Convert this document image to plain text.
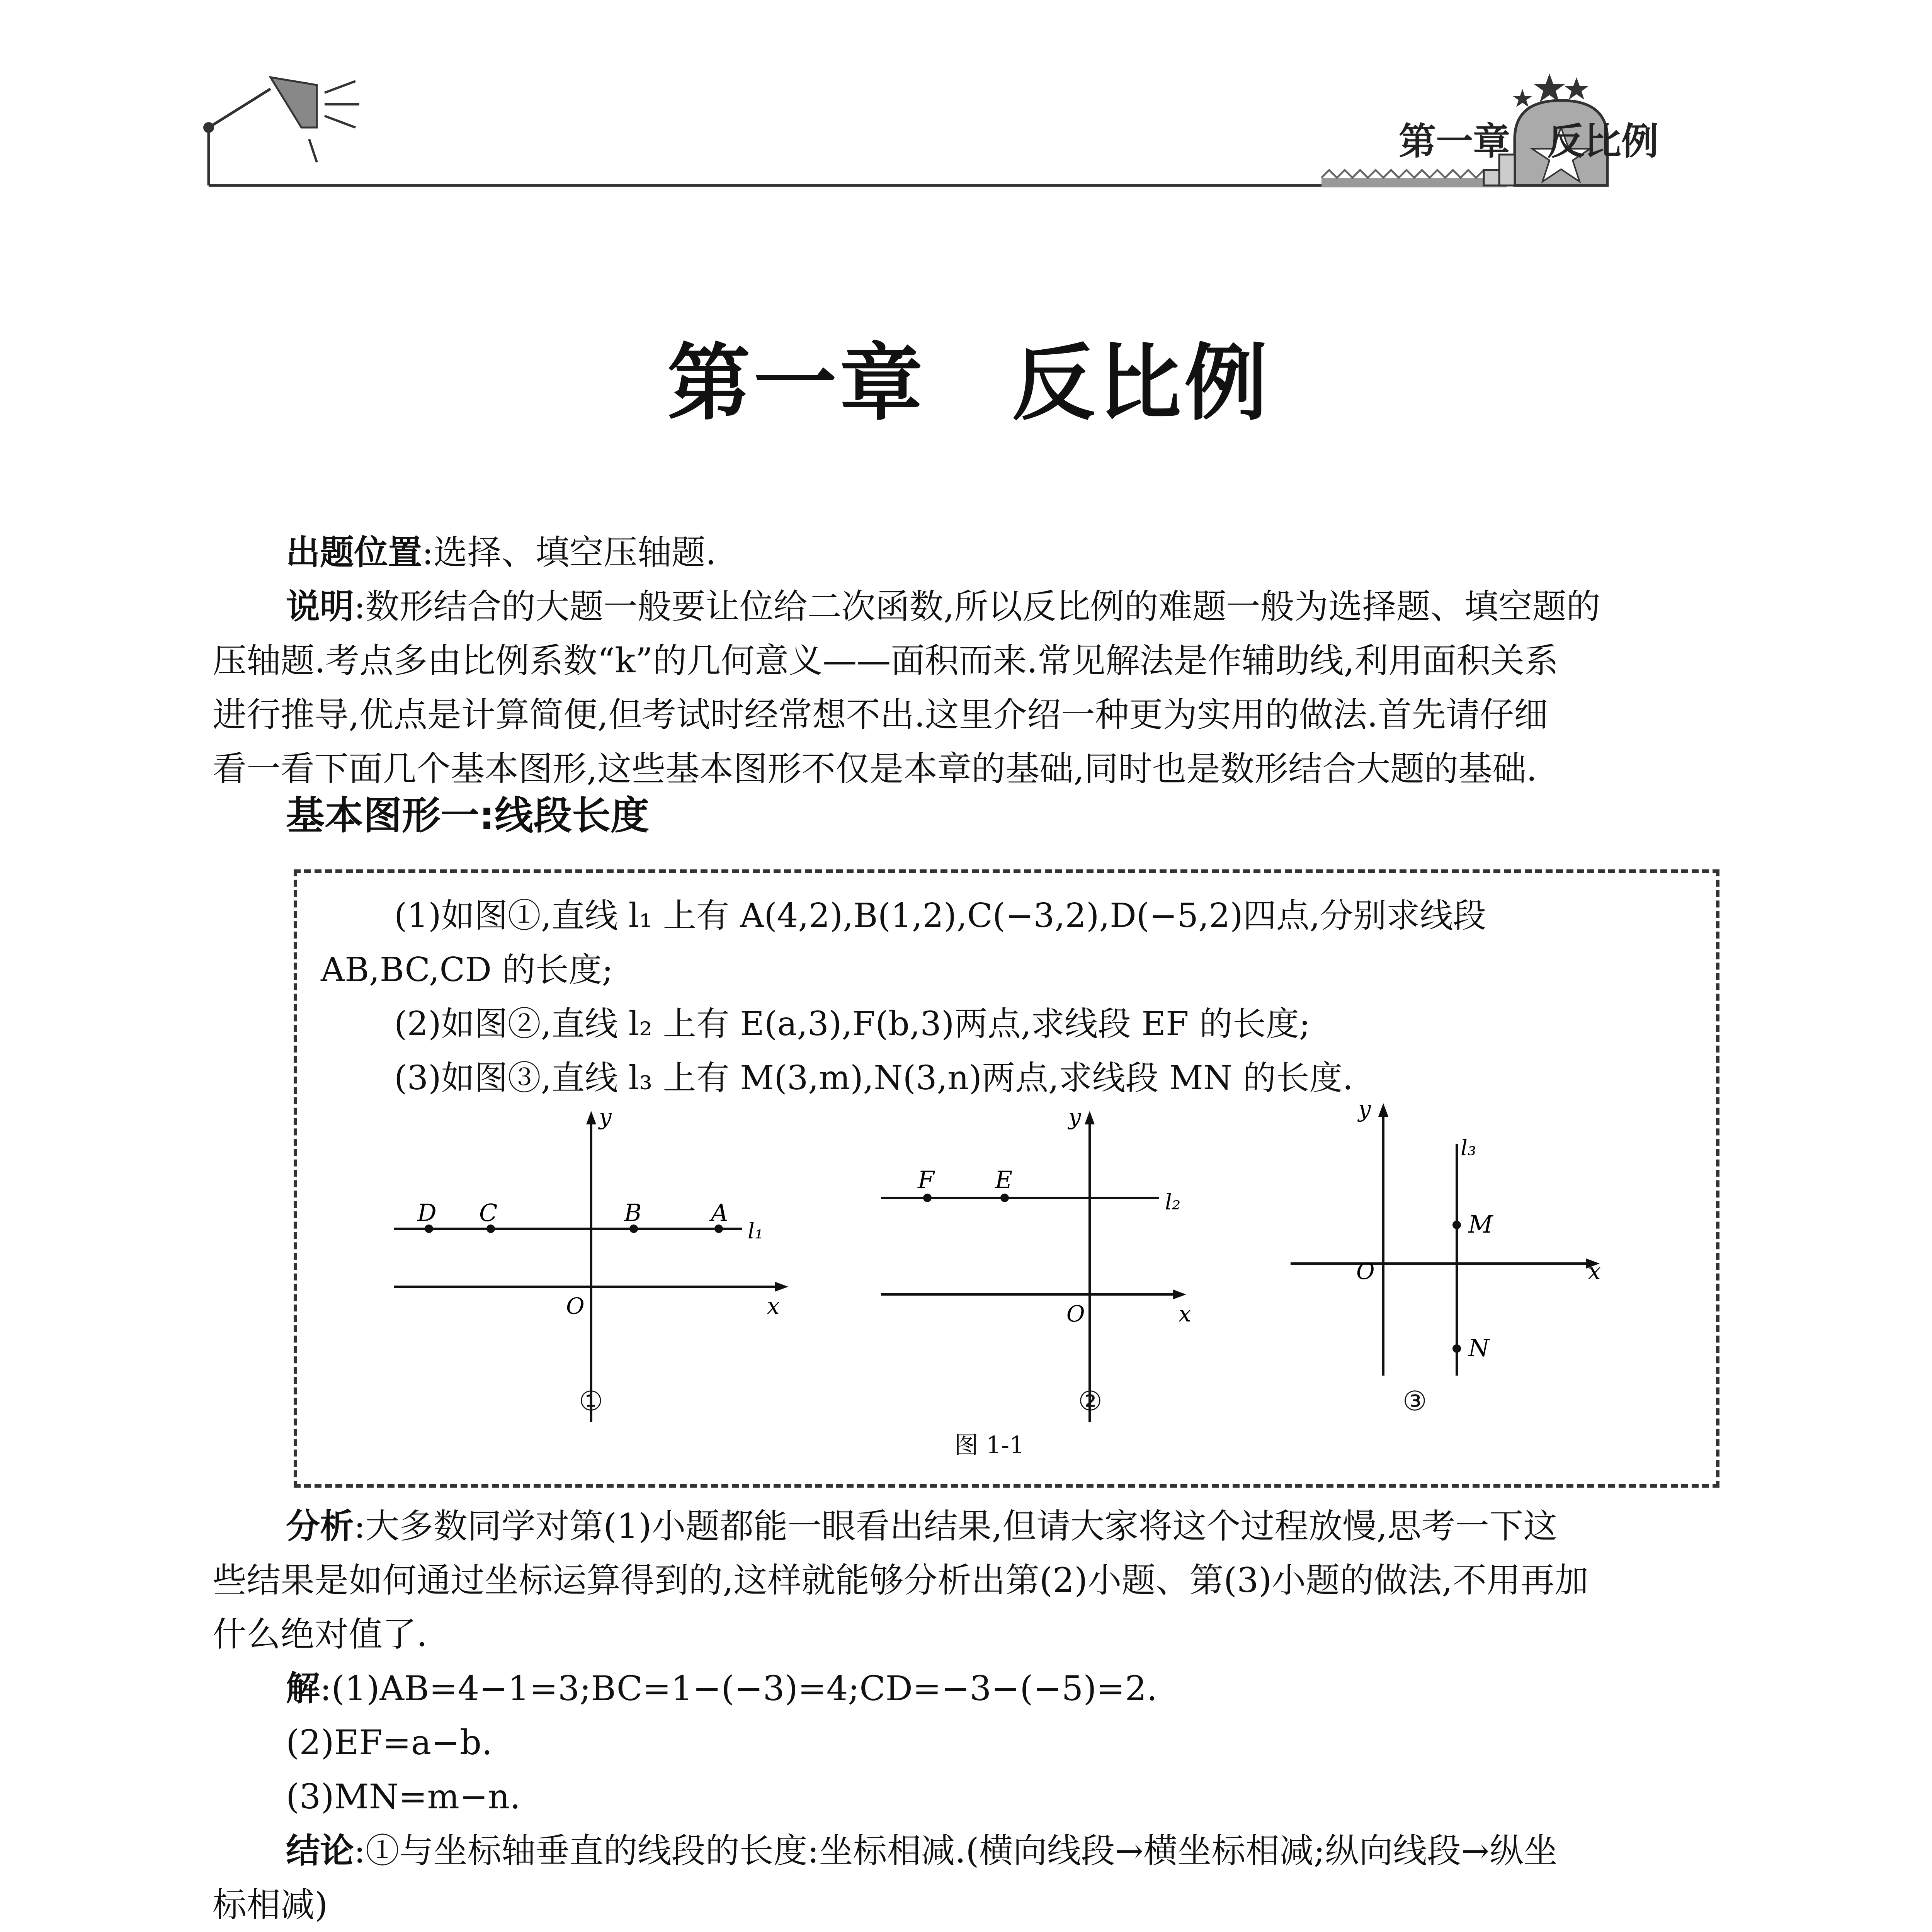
第一章　反比例
第一章　反比例
出题位置:选择、填空压轴题.
说明:数形结合的大题一般要让位给二次函数,所以反比例的难题一般为选择题、填空题的
压轴题.考点多由比例系数“k”的几何意义——面积而来.常见解法是作辅助线,利用面积关系
进行推导,优点是计算简便,但考试时经常想不出.这里介绍一种更为实用的做法.首先请仔细
看一看下面几个基本图形,这些基本图形不仅是本章的基础,同时也是数形结合大题的基础.
基本图形一:线段长度
(1)如图①,直线 l₁ 上有 A(4,2),B(1,2),C(−3,2),D(−5,2)四点,分别求线段
AB,BC,CD 的长度;
(2)如图②,直线 l₂ 上有 E(a,3),F(b,3)两点,求线段 EF 的长度;
(3)如图③,直线 l₃ 上有 M(3,m),N(3,n)两点,求线段 MN 的长度.
D C	B	A
l₁
x
y
O
①
F	E
l₂
x
y
O
②
M
N
l₃
x
y
O
③
图 1-1
分析:大多数同学对第(1)小题都能一眼看出结果,但请大家将这个过程放慢,思考一下这
些结果是如何通过坐标运算得到的,这样就能够分析出第(2)小题、第(3)小题的做法,不用再加
什么绝对值了.
解:(1)AB=4−1=3;BC=1−(−3)=4;CD=−3−(−5)=2.
(2)EF=a−b.
(3)MN=m−n.
结论:①与坐标轴垂直的线段的长度:坐标相减.(横向线段→横坐标相减;纵向线段→纵坐
标相减)
